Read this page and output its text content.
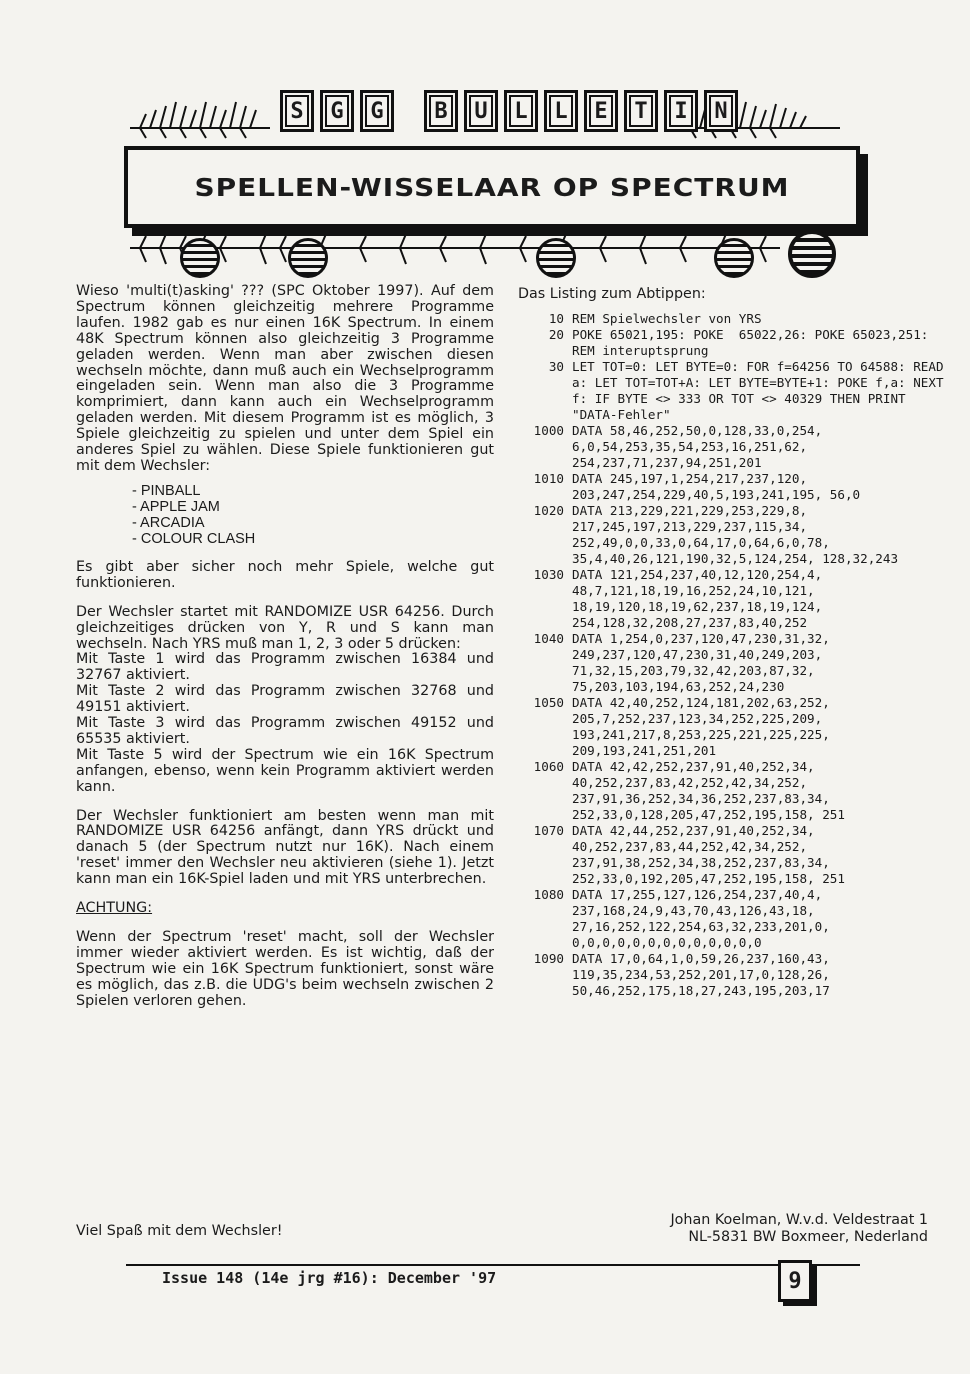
S	G	G	B	U	L	L	E	T	I	N
SPELLEN-WISSELAAR OP SPECTRUM

Wieso 'multi(t)asking' ??? (SPC Oktober 1997). Auf dem Spectrum können gleichzeitig mehrere Programme laufen. 1982 gab es nur einen 16K Spectrum. In einem 48K Spectrum können also gleichzeitig 3 Programme geladen werden. Wenn man aber zwischen diesen wechseln möchte, dann muß auch ein Wechselprogramm eingeladen sein. Wenn man also die 3 Programme komprimiert, dann kann auch ein Wechselprogramm geladen werden. Mit diesem Programm ist es möglich, 3 Spiele gleichzeitig zu spielen und unter dem Spiel ein anderes Spiel zu wählen. Diese Spiele funktionieren gut mit dem Wechsler:

- PINBALL
- APPLE JAM
- ARCADIA
- COLOUR CLASH

Es gibt aber sicher noch mehr Spiele, welche gut funktionieren.

Der Wechsler startet mit RANDOMIZE USR 64256. Durch gleichzeitiges drücken von Y, R und S kann man wechseln. Nach YRS muß man 1, 2, 3 oder 5 drücken:

Mit Taste 1 wird das Programm zwischen 16384 und 32767 aktiviert.

Mit Taste 2 wird das Programm zwischen 32768 und 49151 aktiviert.

Mit Taste 3 wird das Programm zwischen 49152 und 65535 aktiviert.

Mit Taste 5 wird der Spectrum wie ein 16K Spectrum anfangen, ebenso, wenn kein Programm aktiviert werden kann.

Der Wechsler funktioniert am besten wenn man mit RANDOMIZE USR 64256 anfängt, dann YRS drückt und danach 5 (der Spectrum nutzt nur 16K). Nach einem 'reset' immer den Wechsler neu aktivieren (siehe 1). Jetzt kann man ein 16K-Spiel laden und mit YRS unterbrechen.

ACHTUNG:

Wenn der Spectrum 'reset' macht, soll der Wechsler immer wieder aktiviert werden. Es ist wichtig, daß der Spectrum wie ein 16K Spectrum funktioniert, sonst wäre es möglich, das z.B. die UDG's beim wechseln zwischen 2 Spielen verloren gehen.

Viel Spaß mit dem Wechsler!
Das Listing zum Abtippen:
10 REM Spielwechsler von YRS
20 POKE 65021,195: POKE  65022,26: POKE 65023,251: REM interuptsprung
30 LET TOT=0: LET BYTE=0: FOR f=64256 TO 64588: READ a: LET TOT=TOT+A: LET BYTE=BYTE+1: POKE f,a: NEXT f: IF BYTE <> 333 OR TOT <> 40329 THEN PRINT "DATA-Fehler"
1000 DATA 58,46,252,50,0,128,33,0,254, 6,0,54,253,35,54,253,16,251,62, 254,237,71,237,94,251,201
1010 DATA 245,197,1,254,217,237,120, 203,247,254,229,40,5,193,241,195, 56,0
1020 DATA 213,229,221,229,253,229,8, 217,245,197,213,229,237,115,34, 252,49,0,0,33,0,64,17,0,64,6,0,78, 35,4,40,26,121,190,32,5,124,254, 128,32,243
1030 DATA 121,254,237,40,12,120,254,4, 48,7,121,18,19,16,252,24,10,121, 18,19,120,18,19,62,237,18,19,124, 254,128,32,208,27,237,83,40,252
1040 DATA 1,254,0,237,120,47,230,31,32, 249,237,120,47,230,31,40,249,203, 71,32,15,203,79,32,42,203,87,32, 75,203,103,194,63,252,24,230
1050 DATA 42,40,252,124,181,202,63,252, 205,7,252,237,123,34,252,225,209, 193,241,217,8,253,225,221,225,225, 209,193,241,251,201
1060 DATA 42,42,252,237,91,40,252,34, 40,252,237,83,42,252,42,34,252, 237,91,36,252,34,36,252,237,83,34, 252,33,0,128,205,47,252,195,158, 251
1070 DATA 42,44,252,237,91,40,252,34, 40,252,237,83,44,252,42,34,252, 237,91,38,252,34,38,252,237,83,34, 252,33,0,192,205,47,252,195,158, 251
1080 DATA 17,255,127,126,254,237,40,4, 237,168,24,9,43,70,43,126,43,18, 27,16,252,122,254,63,32,233,201,0, 0,0,0,0,0,0,0,0,0,0,0,0,0
1090 DATA 17,0,64,1,0,59,26,237,160,43, 119,35,234,53,252,201,17,0,128,26, 50,46,252,175,18,27,243,195,203,17
Johan Koelman, W.v.d. Veldestraat 1
NL-5831 BW Boxmeer, Nederland
Issue 148 (14e jrg #16): December '97	9
